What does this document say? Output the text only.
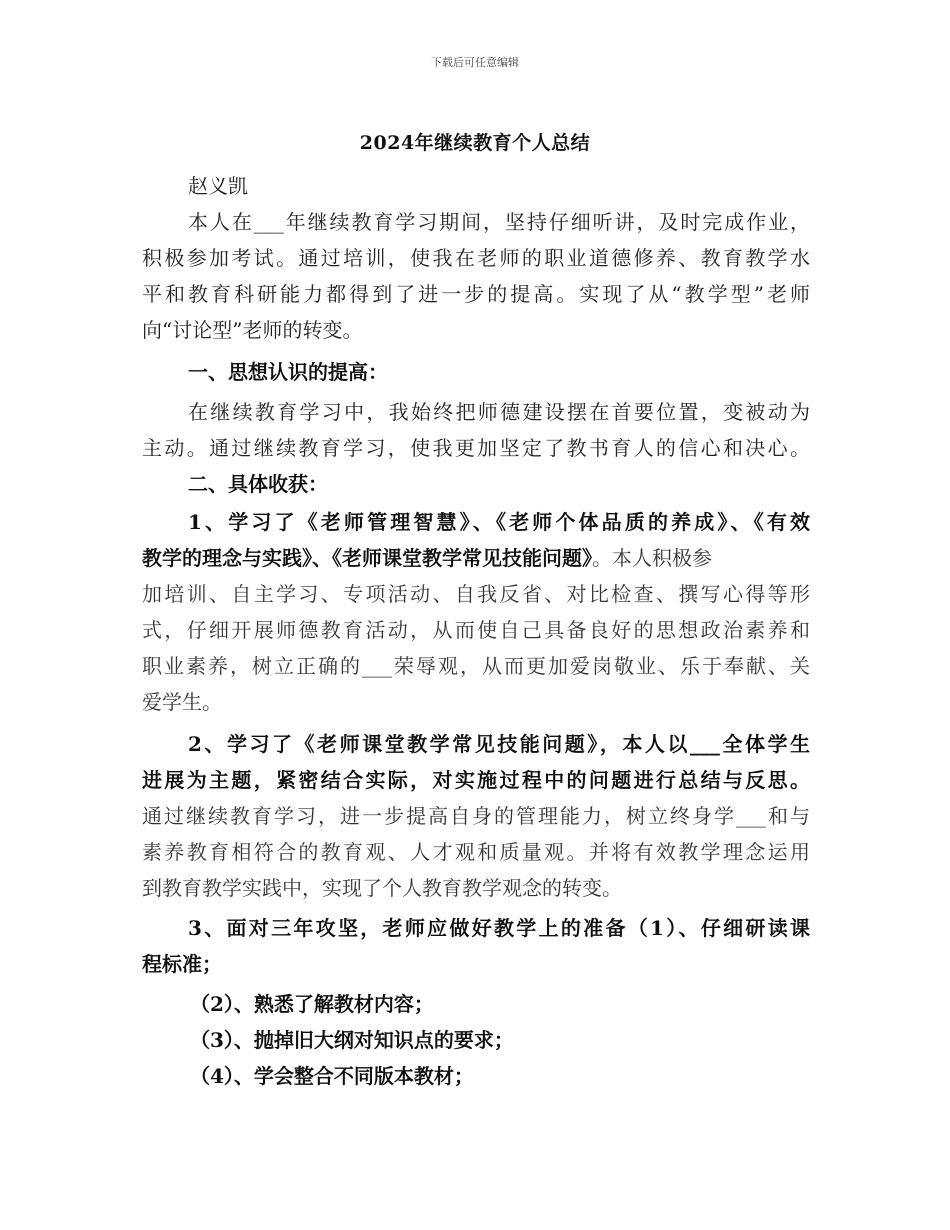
下载后可任意编辑
2024年继续教育个人总结
赵义凯
本人在___年继续教育学习期间，坚持仔细听讲，及时完成作业，
积极参加考试。通过培训，使我在老师的职业道德修养、教育教学水
平和教育科研能力都得到了进一步的提高。实现了从“教学型”老师
向“讨论型”老师的转变。
一、思想认识的提高：
在继续教育学习中，我始终把师德建设摆在首要位置，变被动为
主动。通过继续教育学习，使我更加坚定了教书育人的信心和决心。
二、具体收获：
1、学习了《老师管理智慧》、《老师个体品质的养成》、《有效
教学的理念与实践》、《老师课堂教学常见技能问题》。本人积极参
加培训、自主学习、专项活动、自我反省、对比检查、撰写心得等形
式，仔细开展师德教育活动，从而使自己具备良好的思想政治素养和
职业素养，树立正确的___荣辱观，从而更加爱岗敬业、乐于奉献、关
爱学生。
2、学习了《老师课堂教学常见技能问题》，本人以___全体学生
进展为主题，紧密结合实际，对实施过程中的问题进行总结与反思。
通过继续教育学习，进一步提高自身的管理能力，树立终身学___和与
素养教育相符合的教育观、人才观和质量观。并将有效教学理念运用
到教育教学实践中，实现了个人教育教学观念的转变。
3、面对三年攻坚，老师应做好教学上的准备（1）、仔细研读课
程标准；
（2）、熟悉了解教材内容；
（3）、抛掉旧大纲对知识点的要求；
（4）、学会整合不同版本教材；
